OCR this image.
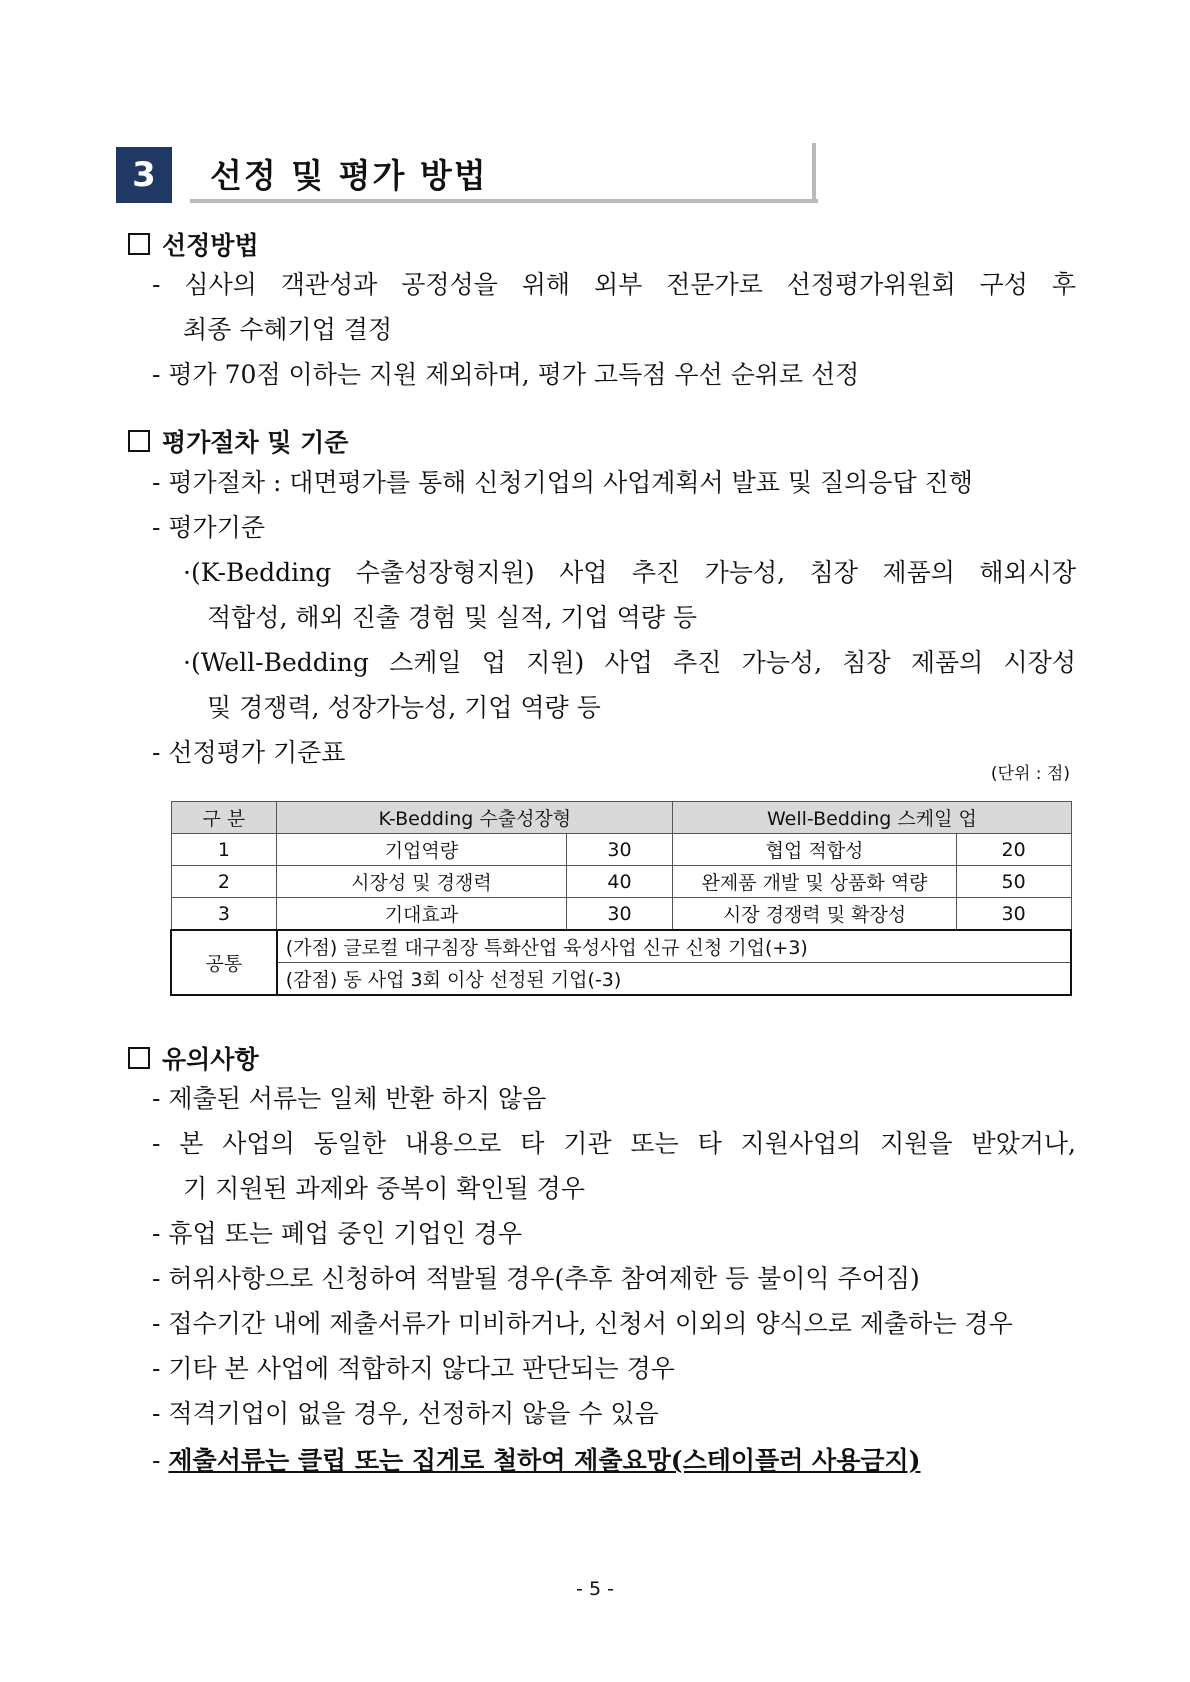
3	선정 및 평가 방법
선정방법
- 심사의 객관성과 공정성을 위해 외부 전문가로 선정평가위원회 구성 후
최종 수혜기업 결정
- 평가 70점 이하는 지원 제외하며, 평가 고득점 우선 순위로 선정
평가절차 및 기준
- 평가절차 : 대면평가를 통해 신청기업의 사업계획서 발표 및 질의응답 진행
- 평가기준
·(K-Bedding 수출성장형지원) 사업 추진 가능성, 침장 제품의 해외시장
적합성, 해외 진출 경험 및 실적, 기업 역량 등
·(Well-Bedding 스케일 업 지원) 사업 추진 가능성, 침장 제품의 시장성
및 경쟁력, 성장가능성, 기업 역량 등
- 선정평가 기준표
(단위 : 점)
구 분	K-Bedding 수출성장형		Well-Bedding 스케일 업	
1	기업역량	30	협업 적합성	20
2	시장성 및 경쟁력	40	완제품 개발 및 상품화 역량	50
3	기대효과	30	시장 경쟁력 및 확장성	30
공통	(가점) 글로컬 대구침장 특화산업 육성사업 신규 신청 기업(+3)			
	(감점) 동 사업 3회 이상 선정된 기업(-3)			
유의사항
- 제출된 서류는 일체 반환 하지 않음
- 본 사업의 동일한 내용으로 타 기관 또는 타 지원사업의 지원을 받았거나,
기 지원된 과제와 중복이 확인될 경우
- 휴업 또는 폐업 중인 기업인 경우
- 허위사항으로 신청하여 적발될 경우(추후 참여제한 등 불이익 주어짐)
- 접수기간 내에 제출서류가 미비하거나, 신청서 이외의 양식으로 제출하는 경우
- 기타 본 사업에 적합하지 않다고 판단되는 경우
- 적격기업이 없을 경우, 선정하지 않을 수 있음
- 제출서류는 클립 또는 집게로 철하여 제출요망(스테이플러 사용금지)
- 5 -
